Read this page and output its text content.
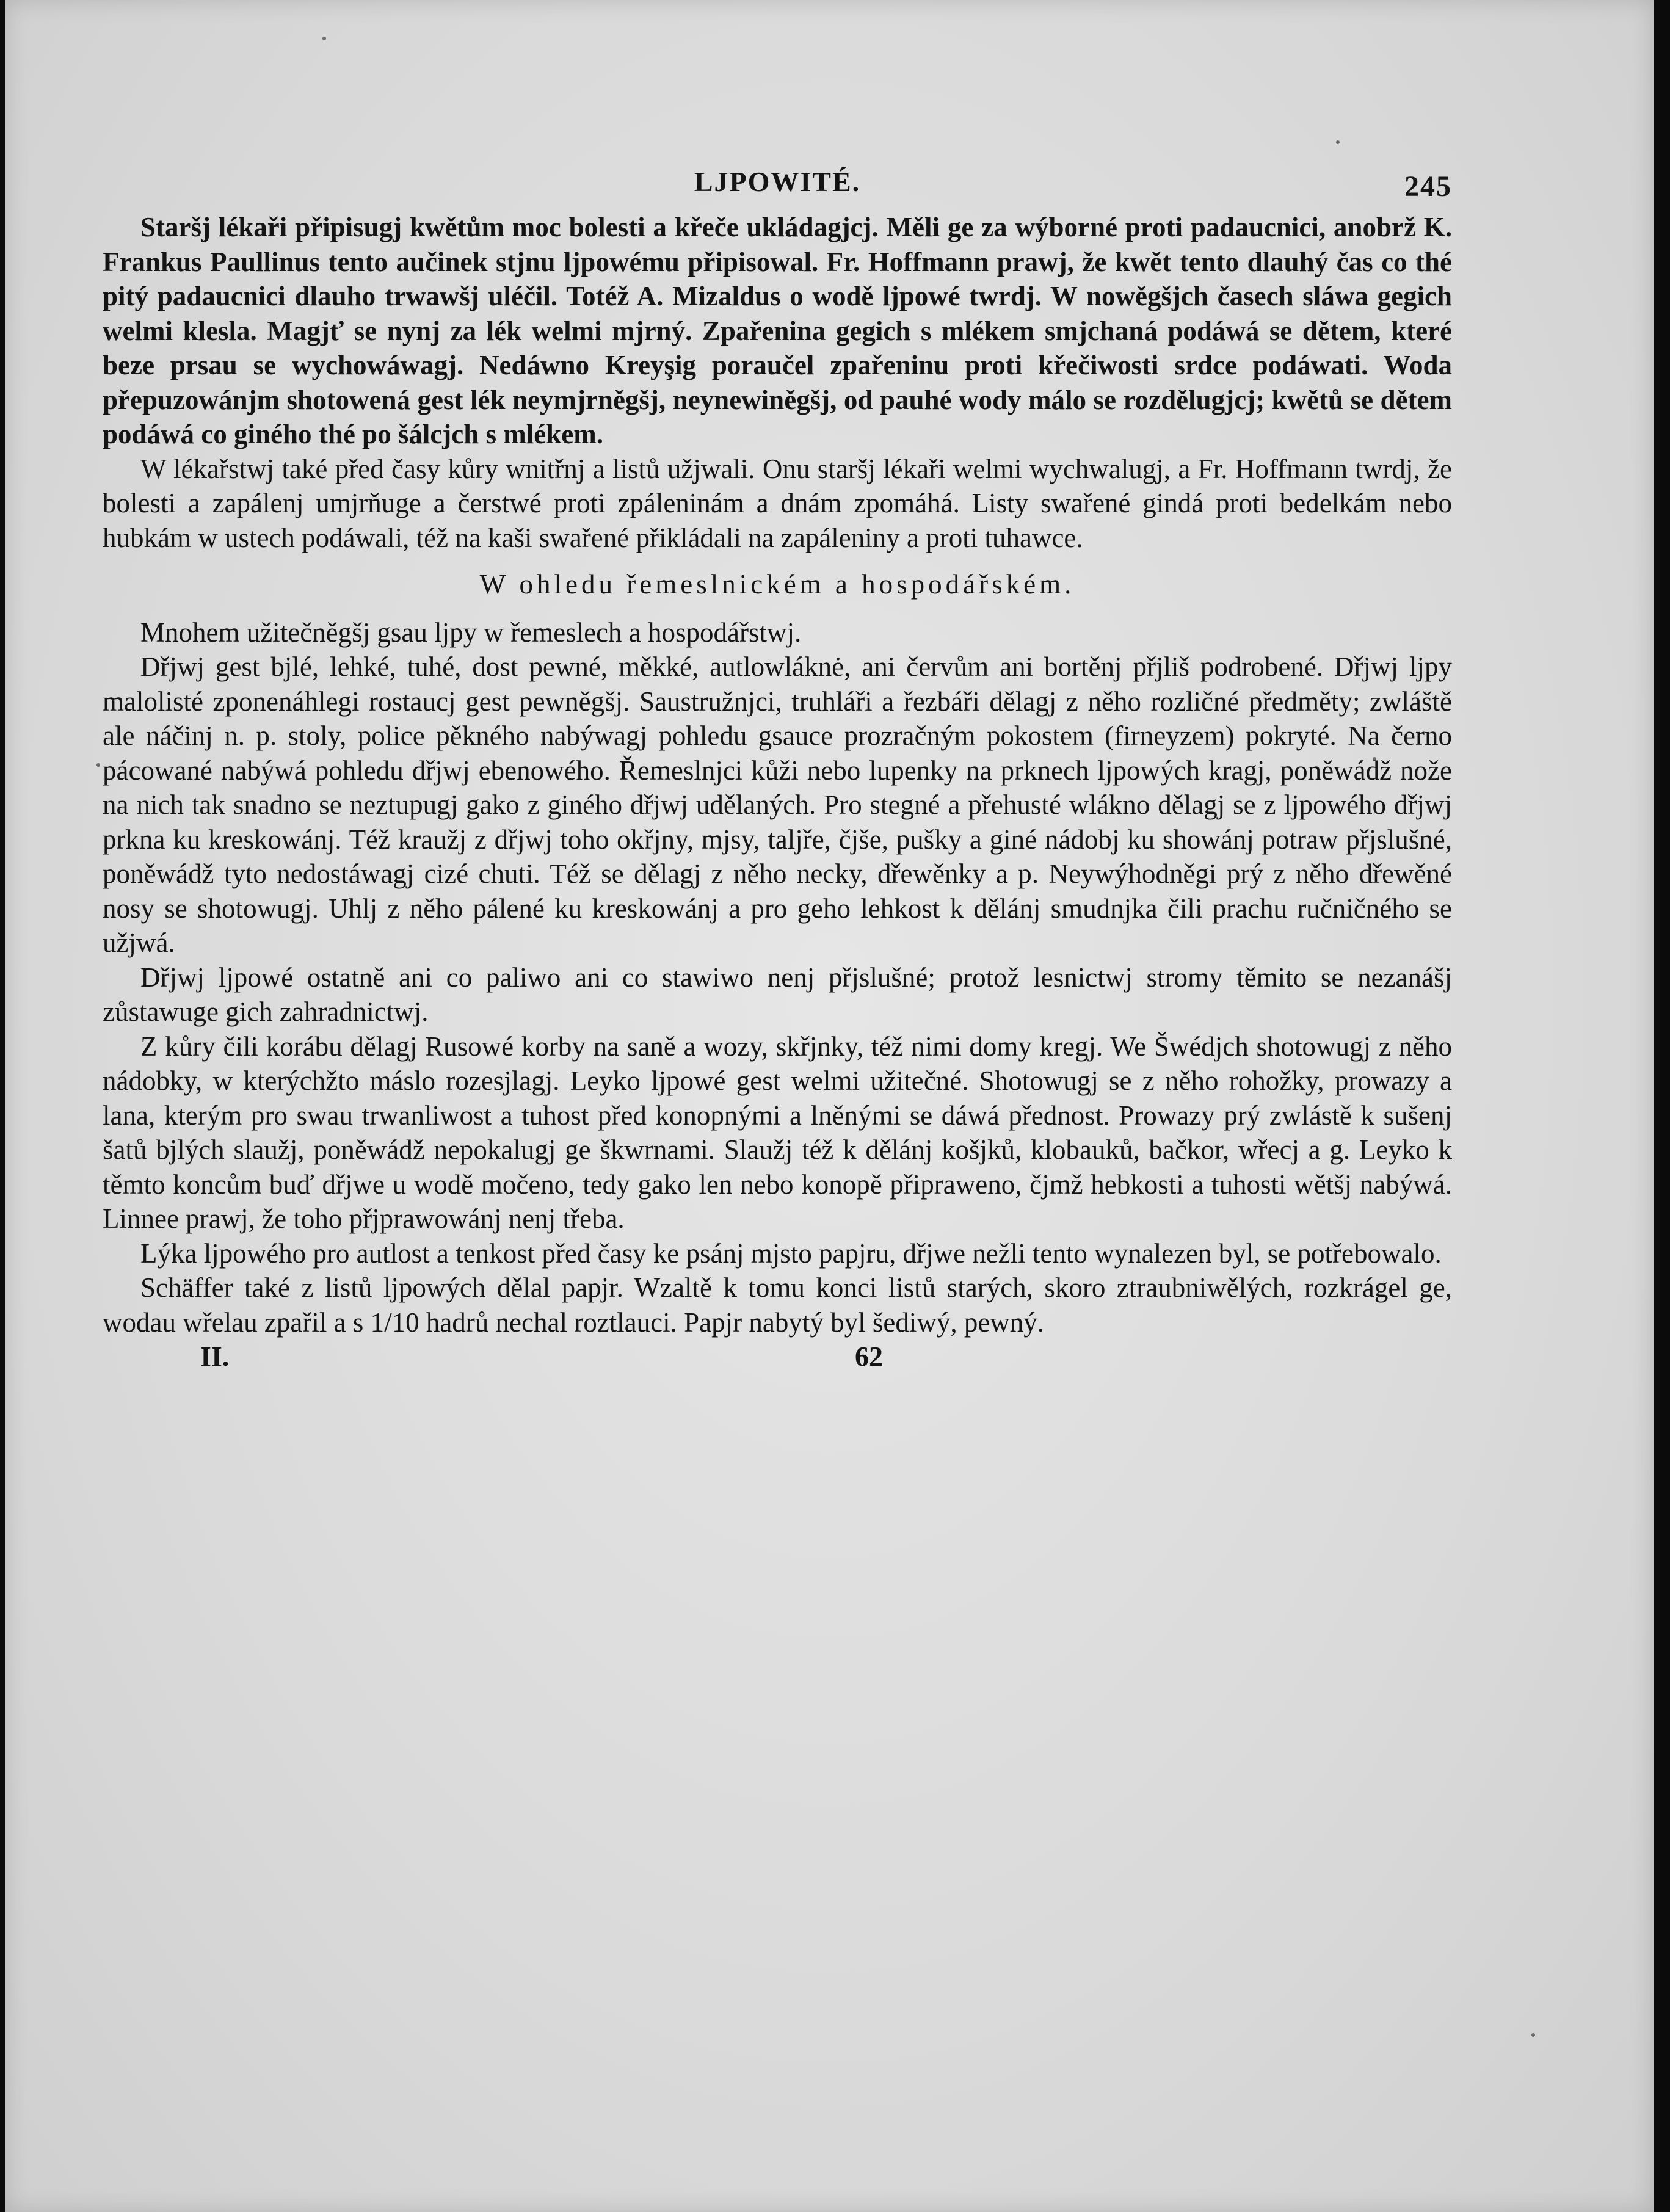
LJPOWITÉ.	245

Staršj lékaři připisugj kwětům moc bolesti a křeče ukládagjcj. Měli ge za wýborné proti padaucnici, anobrž K. Frankus Paullinus tento aučinek stjnu ljpowému připisowal. Fr. Hoffmann prawj, že kwět tento dlauhý čas co thé pitý padaucnici dlauho trwawšj uléčil. Totéž A. Mizaldus o wodě ljpowé twrdj. W nowěgšjch časech sláwa gegich welmi klesla. Magjť se nynj za lék welmi mjrný. Zpařenina gegich s mlékem smjchaná podáwá se dětem, které beze prsau se wychowáwagj. Nedáwno Kreyşig poraučel zpařeninu proti křečiwosti srdce podáwati. Woda přepuzowánjm shotowená gest lék neymjrněgšj, neynewiněgšj, od pauhé wody málo se rozdělugjcj; kwětů se dětem podáwá co giného thé po šálcjch s mlékem.

W lékařstwj také před časy kůry wnitřnj a listů užjwali. Onu staršj lékaři welmi wychwalugj, a Fr. Hoffmann twrdj, že bolesti a zapálenj umjrňuge a čerstwé proti zpáleninám a dnám zpomáhá. Listy swařené gindá proti bedelkám nebo hubkám w ustech podáwali, též na kaši swařené přikládali na zapáleniny a proti tuhawce.

W ohledu řemeslnickém a hospodářském.

Mnohem užitečněgšj gsau ljpy w řemeslech a hospodářstwj.

Dřjwj gest bjlé, lehké, tuhé, dost pewné, měkké, autlowláknė, ani červům ani bortěnj přjliš podrobené. Dřjwj ljpy malolisté zponenáhlegi rostaucj gest pewněgšj. Saustružnjci, truhláři a řezbáři dělagj z něho rozličné předměty; zwláště ale náčinj n. p. stoly, police pěkného nabýwagj pohledu gsauce prozračným pokostem (firneyzem) pokryté. Na černo pácowané nabýwá pohledu dřjwj ebenowého. Řemeslnjci kůži nebo lupenky na prknech ljpowých kragj, poněwádž nože na nich tak snadno se neztupugj gako z giného dřjwj udělaných. Pro stegné a přehusté wlákno dělagj se z ljpowého dřjwj prkna ku kreskowánj. Též kraužj z dřjwj toho okřjny, mjsy, taljře, čjše, pušky a giné nádobj ku showánj potraw přjslušné, poněwádž tyto nedostáwagj cizé chuti. Též se dělagj z něho necky, dřewěnky a p. Neywýhodněgi prý z něho dřewěné nosy se shotowugj. Uhlj z něho pálené ku kreskowánj a pro geho lehkost k dělánj smudnjka čili prachu ručničného se užjwá.

Dřjwj ljpowé ostatně ani co paliwo ani co stawiwo nenj přjslušné; protož lesnictwj stromy těmito se nezanášj zůstawuge gich zahradnictwj.

Z kůry čili korábu dělagj Rusowé korby na saně a wozy, skřjnky, též nimi domy kregj. We Šwédjch shotowugj z něho nádobky, w kterýchžto máslo rozesjlagj. Leyko ljpowé gest welmi užitečné. Shotowugj se z něho rohožky, prowazy a lana, kterým pro swau trwanliwost a tuhost před konopnými a lněnými se dáwá přednost. Prowazy prý zwlástě k sušenj šatů bjlých slaužj, poněwádž nepokalugj ge škwrnami. Slaužj též k dělánj košjků, klobauků, bačkor, wřecj a g. Leyko k těmto koncům buď dřjwe u wodě močeno, tedy gako len nebo konopě připraweno, čjmž hebkosti a tuhosti wětšj nabýwá. Linnee prawj, že toho přjprawowánj nenj třeba.

Lýka ljpowého pro autlost a tenkost před časy ke psánj mjsto papjru, dřjwe nežli tento wynalezen byl, se potřebowalo.

Schäffer také z listů ljpowých dělal papjr. Wzaltě k tomu konci listů starých, skoro ztraubniwělých, rozkrágel ge, wodau wřelau zpařil a s 1/10 hadrů nechal roztlauci. Papjr nabytý byl šediwý, pewný.

II.	62
